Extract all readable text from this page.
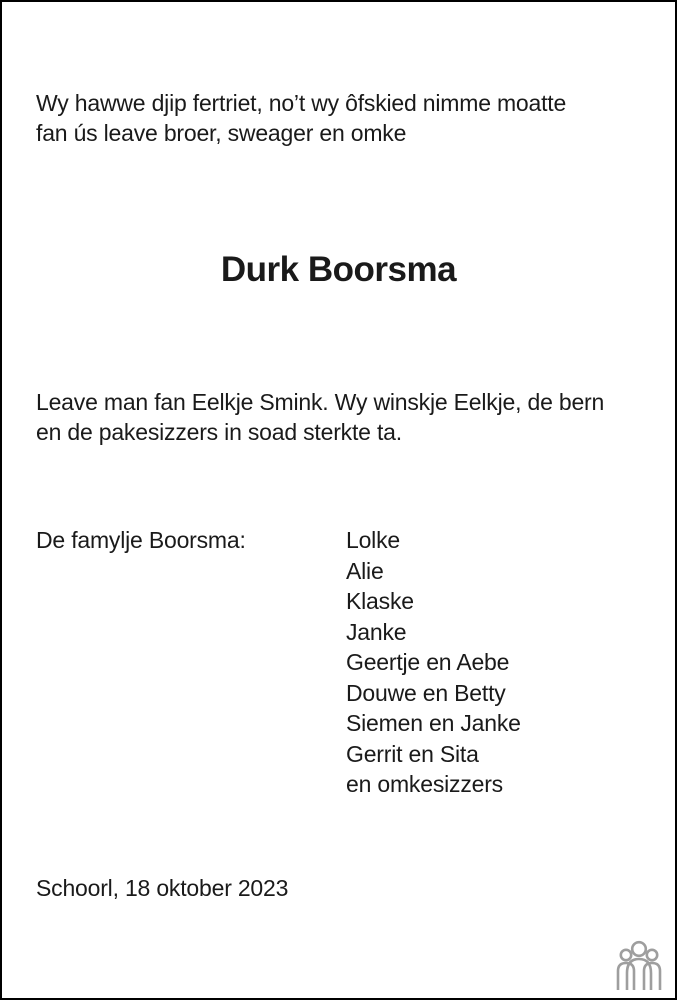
Wy hawwe djip fertriet, no’t wy ôfskied nimme moatte
fan ús leave broer, sweager en omke
Durk Boorsma
Leave man fan Eelkje Smink. Wy winskje Eelkje, de bern
en de pakesizzers in soad sterkte ta.
De famylje Boorsma:	Lolke
Alie
Klaske
Janke
Geertje en Aebe
Douwe en Betty
Siemen en Janke
Gerrit en Sita
en omkesizzers
Schoorl, 18 oktober 2023
